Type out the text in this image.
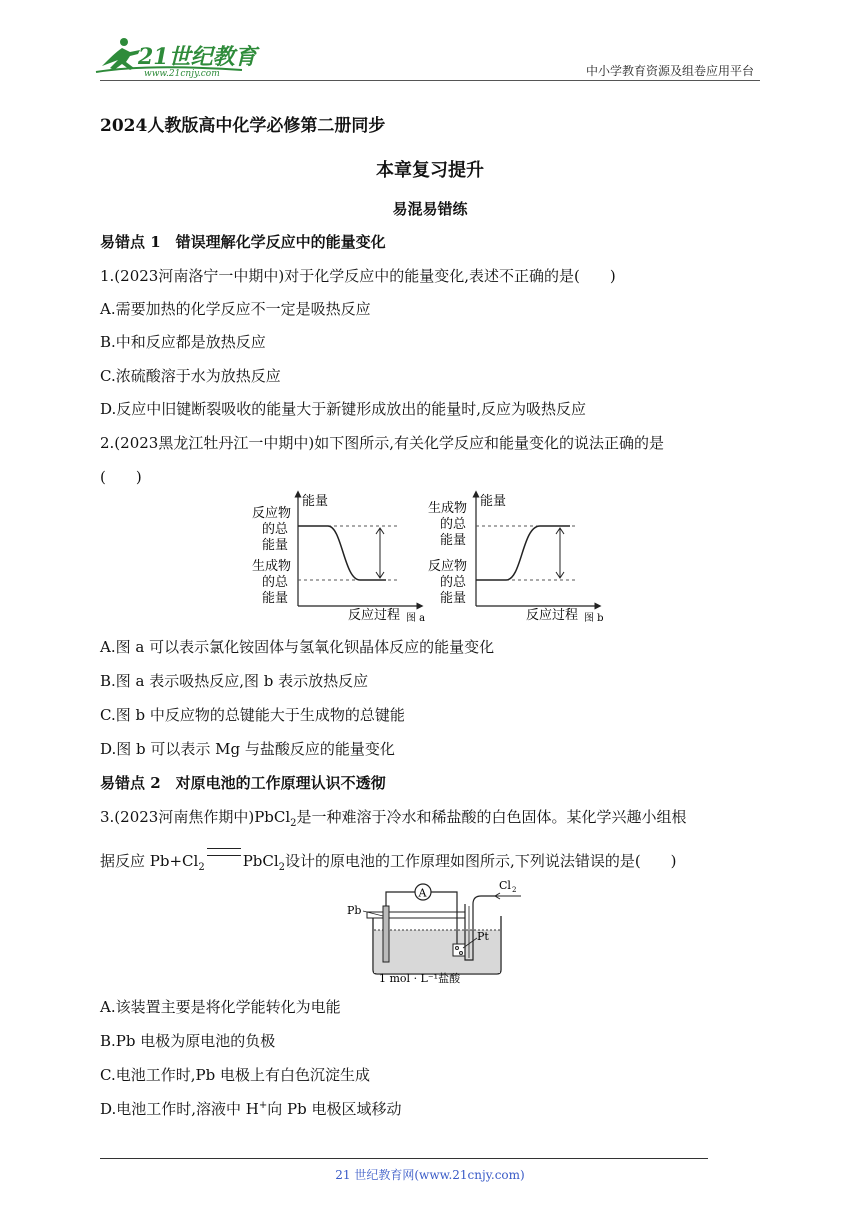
21世纪教育
www.21cnjy.com	中小学教育资源及组卷应用平台
2024人教版高中化学必修第二册同步
本章复习提升
易混易错练
易错点 1　错误理解化学反应中的能量变化
1.(2023河南洛宁一中期中)对于化学反应中的能量变化,表述不正确的是(　　)
A.需要加热的化学反应不一定是吸热反应
B.中和反应都是放热反应
C.浓硫酸溶于水为放热反应
D.反应中旧键断裂吸收的能量大于新键形成放出的能量时,反应为吸热反应
2.(2023黑龙江牡丹江一中期中)如下图所示,有关化学反应和能量变化的说法正确的是
(　　)
能量
反应物
的总
能量
生成物
的总
能量
反应过程 图 a
能量
生成物
的总
能量
反应物
的总
能量
反应过程 图 b
A.图 a 可以表示氯化铵固体与氢氧化钡晶体反应的能量变化
B.图 a 表示吸热反应,图 b 表示放热反应
C.图 b 中反应物的总键能大于生成物的总键能
D.图 b 可以表示 Mg 与盐酸反应的能量变化
易错点 2　对原电池的工作原理认识不透彻
3.(2023河南焦作期中)PbCl$_2$是一种难溶于冷水和稀盐酸的白色固体。某化学兴趣小组根
据反应 $Pb+Cl_2$	PbCl$_2$设计的原电池的工作原理如图所示,下列说法错误的是(　　)
A
Cl 2
Pb
Pt
1 mol · L⁻¹盐酸
A.该装置主要是将化学能转化为电能
B.Pb 电极为原电池的负极
C.电池工作时,Pb 电极上有白色沉淀生成
D.电池工作时,溶液中 H+向 Pb 电极区域移动
21 世纪教育网(www.21cnjy.com)
